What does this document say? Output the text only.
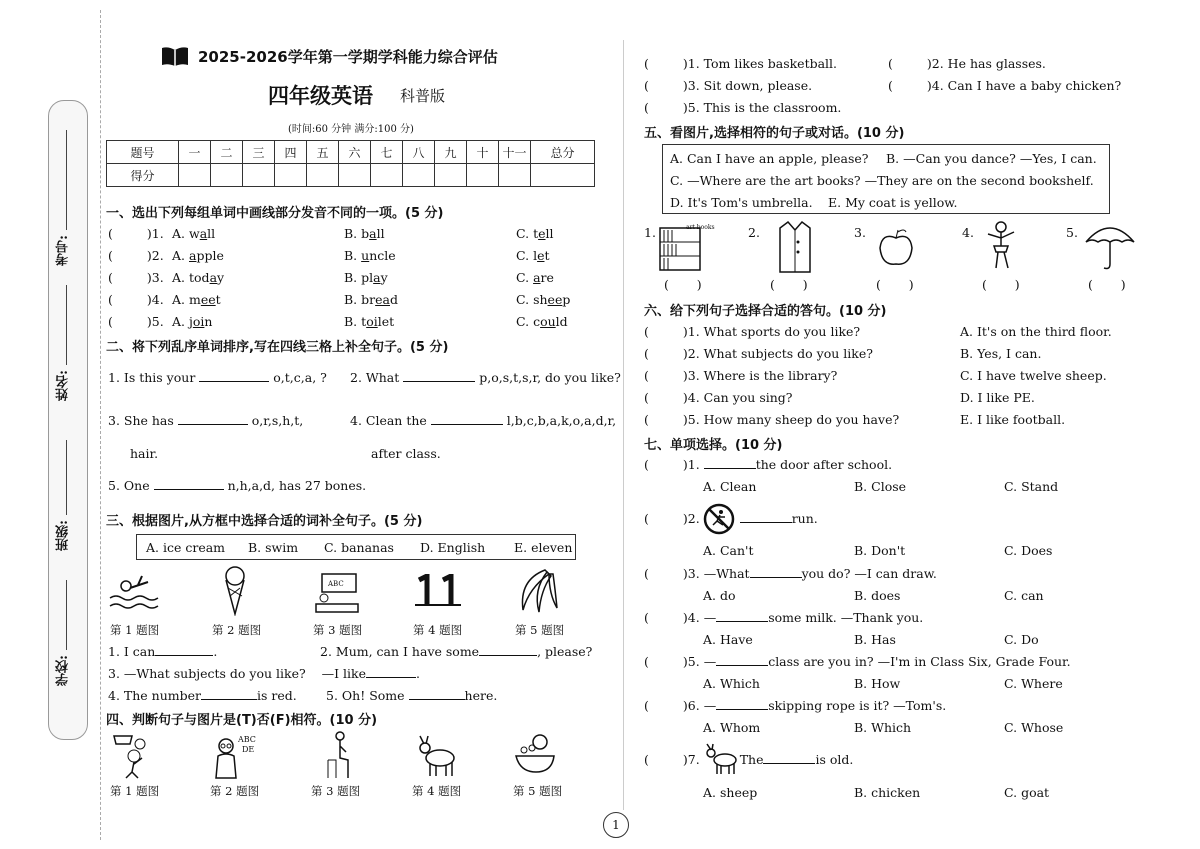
学校:
班级:
姓名:
考号:
2025-2026学年第一学期学科能力综合评估
四年级英语 科普版
(时间:60 分钟 满分:100 分)
题号	一	二	三	四	五	六	七	八	九	十	十一	总分
得分												
一、选出下列每组单词中画线部分发音不同的一项。(5 分)
(	)1. A. wall	B. ball	C. tell
(	)2. A. apple	B. uncle	C. let
(	)3. A. today	B. play	C. are
(	)4. A. meet	B. bread	C. sheep
(	)5. A. join	B. toilet	C. could
二、将下列乱序单词排序,写在四线三格上补全句子。(5 分)
1. Is this your	o,t,c,a, ? 2. What	p,o,s,t,s,r, do you like?
3. She has	o,r,s,h,t,	4. Clean the	l,b,c,b,a,k,o,a,d,r,
hair.	after class.
5. One	n,h,a,d, has 27 bones.
三、根据图片,从方框中选择合适的词补全句子。(5 分)
A. ice cream B. swim C. bananas D. English E. eleven
ABC
第 1 题图	第 2 题图	第 3 题图	第 4 题图	第 5 题图
1. I can	.	2. Mum, can I have some	, please?
3. —What subjects do you like? —I like	.
4. The number	is red. 5. Oh! Some	here.
四、判断句子与图片是(T)否(F)相符。(10 分)
ABC
DE
第 1 题图	第 2 题图	第 3 题图	第 4 题图	第 5 题图
(	)1. Tom likes basketball.	(	)2. He has glasses.
(	)3. Sit down, please.	(	)4. Can I have a baby chicken?
(	)5. This is the classroom.
五、看图片,选择相符的句子或对话。(10 分)
A. Can I have an apple, please? B. —Can you dance? —Yes, I can.
C. —Where are the art books? —They are on the second bookshelf.
D. It's Tom's umbrella. E. My coat is yellow.
1.	art books	2.	3.	4.	5.
(       )	(       )	(       )	(       )	(       )
六、给下列句子选择合适的答句。(10 分)
(	)1. What sports do you like?	A. It's on the third floor.
(	)2. What subjects do you like?	B. Yes, I can.
(	)3. Where is the library?	C. I have twelve sheep.
(	)4. Can you sing?	D. I like PE.
(	)5. How many sheep do you have?	E. I like football.
七、单项选择。(10 分)
(	)1.	the door after school.
A. Clean	B. Close	C. Stand
(	)2.	run.
A. Can't	B. Don't	C. Does
(	)3. —What	you do? —I can draw.
A. do	B. does	C. can
(	)4. —	some milk. —Thank you.
A. Have	B. Has	C. Do
(	)5. —	class are you in? —I'm in Class Six, Grade Four.
A. Which	B. How	C. Where
(	)6. —	skipping rope is it? —Tom's.
A. Whom	B. Which	C. Whose
(	)7.	The	is old.
A. sheep	B. chicken	C. goat
1
